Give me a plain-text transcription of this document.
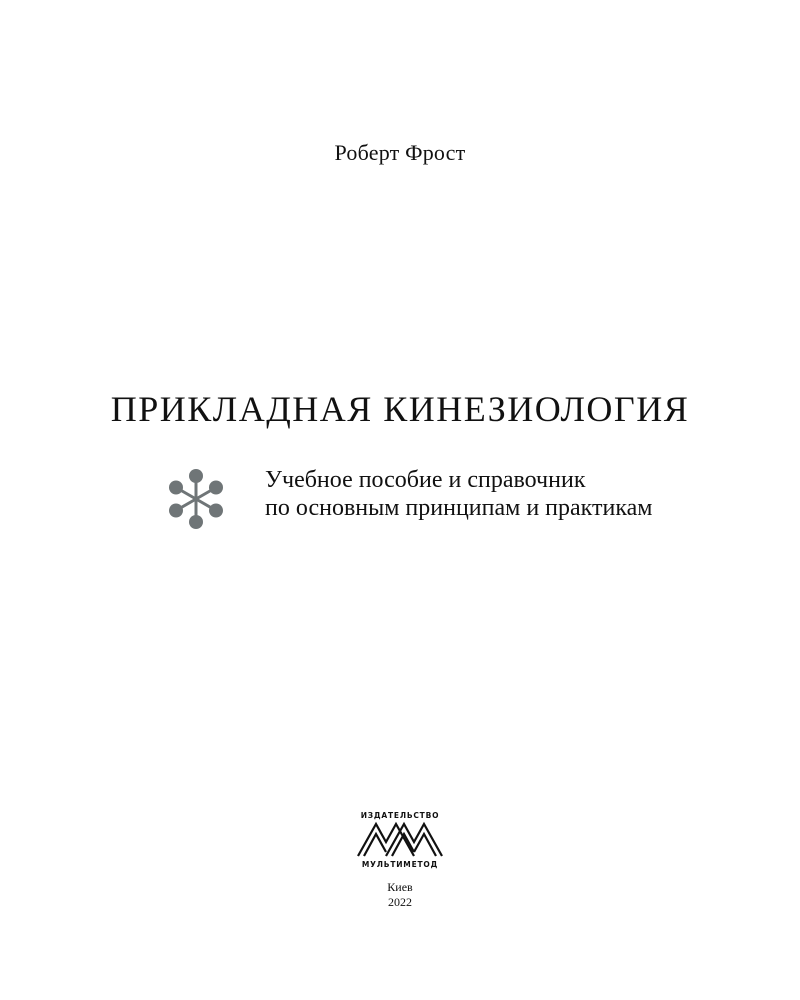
Роберт Фрост
ПРИКЛАДНАЯ КИНЕЗИОЛОГИЯ
Учебное пособие и справочник
по основным принципам и практикам
ИЗДАТЕЛЬСТВО
МУЛЬТИМЕТОД
Киев
2022
